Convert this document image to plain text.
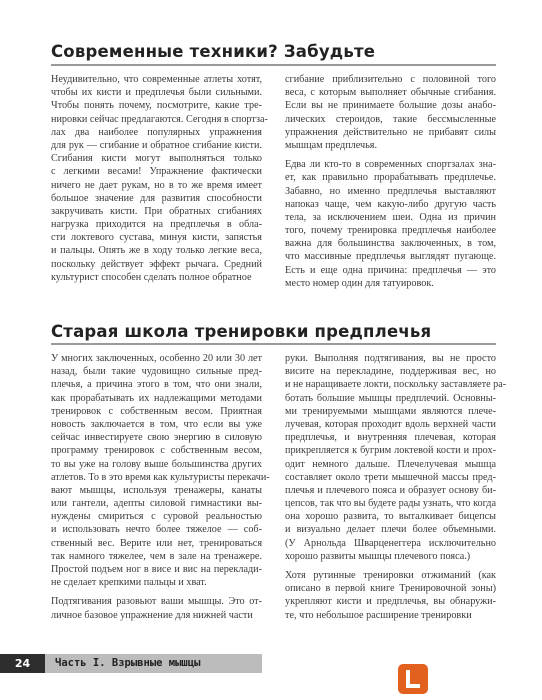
Современные техники? Забудьте
Неудивительно, что современные атлеты хотят,
чтобы их кисти и предплечья были сильными.
Чтобы понять почему, посмотрите, какие тре-
нировки сейчас предлагаются. Сегодня в спортза-
лах два наиболее популярных упражнения
для рук — сгибание и обратное сгибание кисти.
Сгибания кисти могут выполняться только
с легкими весами! Упражнение фактически
ничего не дает рукам, но в то же время имеет
большое значение для развития способности
закручивать кисти. При обратных сгибаниях
нагрузка приходится на предплечья в обла-
сти локтевого сустава, минуя кисти, запястья
и пальцы. Опять же в ходу только легкие веса,
поскольку действует эффект рычага. Средний
культурист способен сделать полное обратное
сгибание приблизительно с половиной того
веса, с которым выполняет обычные сгибания.
Если вы не принимаете большие дозы анабо-
лических стероидов, такие бессмысленные
упражнения действительно не прибавят силы
мышцам предплечья.
Едва ли кто-то в современных спортзалах зна-
ет, как правильно прорабатывать предплечье.
Забавно, но именно предплечья выставляют
напоказ чаще, чем какую-либо другую часть
тела, за исключением шеи. Одна из причин
того, почему тренировка предплечья наиболее
важна для большинства заключенных, в том,
что массивные предплечья выглядят пугающе.
Есть и еще одна причина: предплечья — это
место номер один для татуировок.
Старая школа тренировки предплечья
У многих заключенных, особенно 20 или 30 лет
назад, были такие чудовищно сильные пред-
плечья, а причина этого в том, что они знали,
как прорабатывать их надлежащими методами
тренировок с собственным весом. Приятная
новость заключается в том, что если вы уже
сейчас инвестируете свою энергию в силовую
программу тренировок с собственным весом,
то вы уже на голову выше большинства других
атлетов. То в это время как культуристы перекачи-
вают мышцы, используя тренажеры, канаты
или гантели, адепты силовой гимнастики вы-
нуждены смириться с суровой реальностью
и использовать нечто более тяжелое — соб-
ственный вес. Верите или нет, тренироваться
так намного тяжелее, чем в зале на тренажере.
Простой подъем ног в висе и вис на переклади-
не сделает крепкими пальцы и хват.
Подтягивания разовьют ваши мышцы. Это от-
личное базовое упражнение для нижней части
руки. Выполняя подтягивания, вы не просто
висите на перекладине, поддерживая вес, но
и не наращиваете локти, поскольку заставляете ра-
ботать большие мышцы предплечий. Основны-
ми тренируемыми мышцами являются плече-
лучевая, которая проходит вдоль верхней части
предплечья, и внутренняя плечевая, которая
прикрепляется к бугрим локтевой кости и прох-
одит немного дальше. Плечелучевая мышца
составляет около трети мышечной массы пред-
плечья и плечевого пояса и образует основу би-
цепсов, так что вы будете рады узнать, что когда
она хорошо развита, то выталкивает бицепсы
и визуально делает плечи более объемными.
(У Арнольда Шварценеггера исключительно
хорошо развиты мышцы плечевого пояса.)
Хотя рутинные тренировки отжиманий (как
описано в первой книге Тренировочной зоны)
укрепляют кисти и предплечья, вы обнаружи-
те, что небольшое расширение тренировки
24	Часть I. Взрывные мышцы
